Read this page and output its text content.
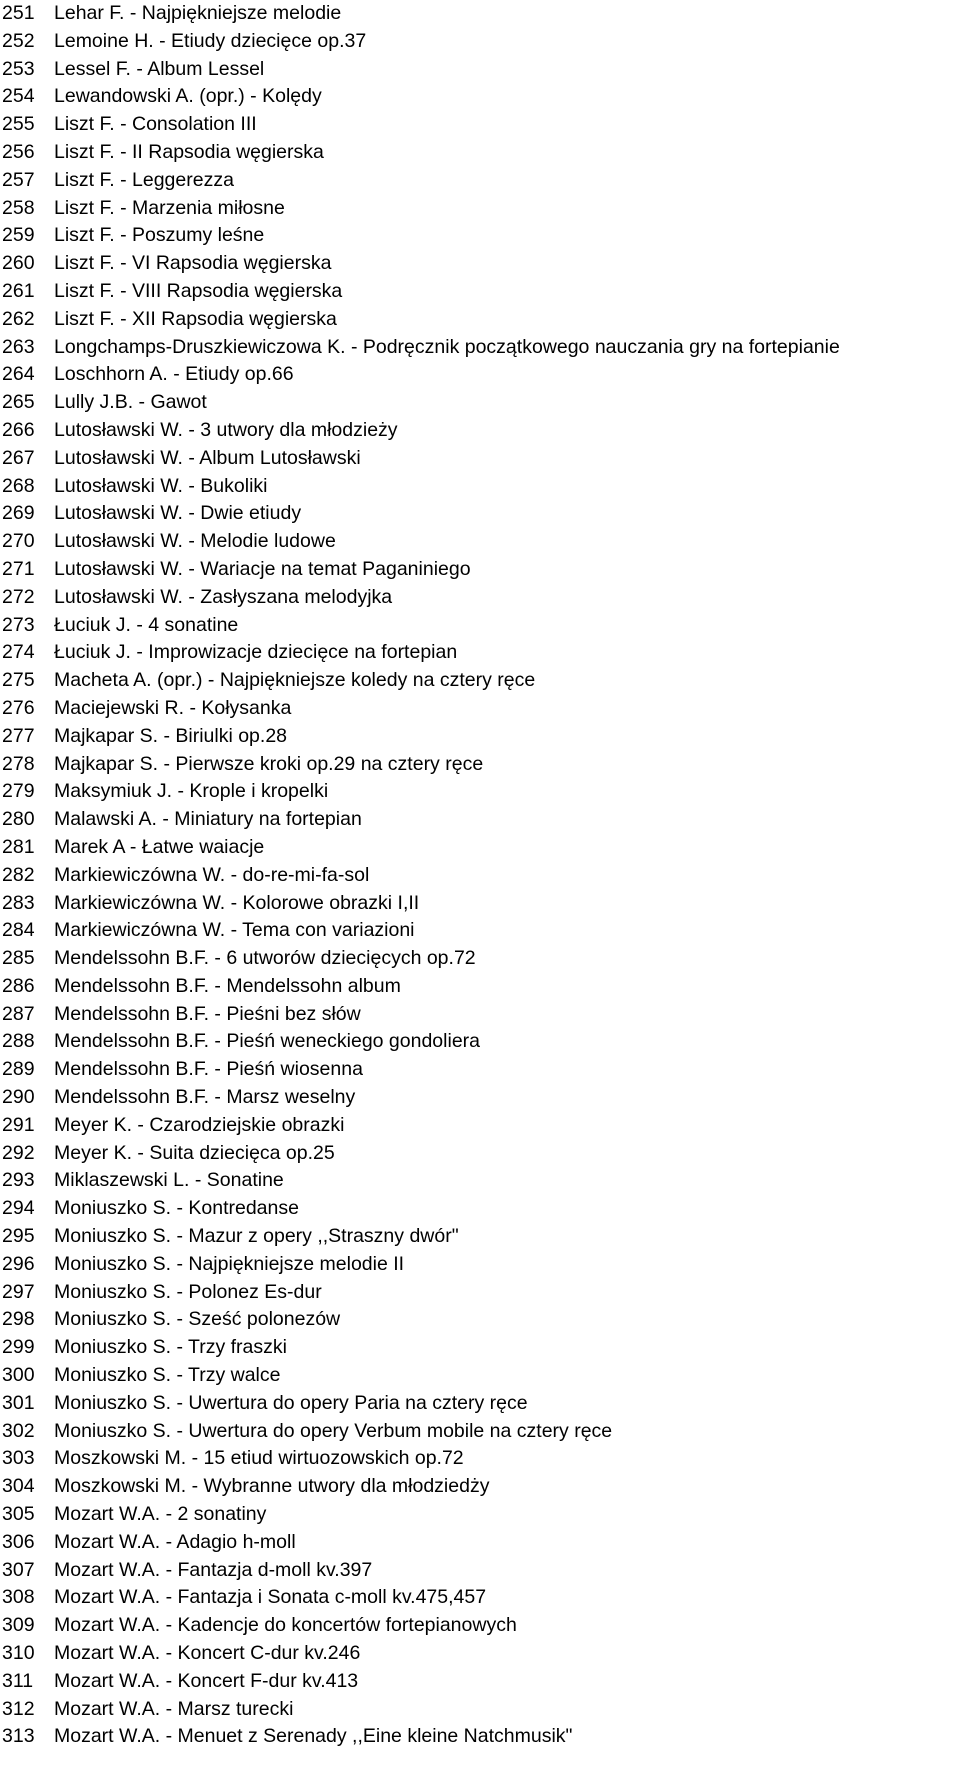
251 Lehar F. - Najpiękniejsze melodie
252 Lemoine H. - Etiudy dziecięce op.37
253 Lessel F. - Album Lessel
254 Lewandowski A. (opr.) - Kolędy
255 Liszt F. - Consolation III
256 Liszt F. - II Rapsodia węgierska
257 Liszt F. - Leggerezza
258 Liszt F. - Marzenia miłosne
259 Liszt F. - Poszumy leśne
260 Liszt F. - VI Rapsodia węgierska
261 Liszt F. - VIII Rapsodia węgierska
262 Liszt F. - XII Rapsodia węgierska
263 Longchamps-Druszkiewiczowa K. - Podręcznik początkowego nauczania gry na fortepianie
264 Loschhorn A. - Etiudy op.66
265 Lully J.B. - Gawot
266 Lutosławski W. - 3 utwory dla młodzieży
267 Lutosławski W. - Album Lutosławski
268 Lutosławski W. - Bukoliki
269 Lutosławski W. - Dwie etiudy
270 Lutosławski W. - Melodie ludowe
271 Lutosławski W. - Wariacje na temat Paganiniego
272 Lutosławski W. - Zasłyszana melodyjka
273 Łuciuk J. - 4 sonatine
274 Łuciuk J. - Improwizacje dziecięce na fortepian
275 Macheta A. (opr.) - Najpiękniejsze koledy na cztery ręce
276 Maciejewski R. - Kołysanka
277 Majkapar S. - Biriulki op.28
278 Majkapar S. - Pierwsze kroki op.29 na cztery ręce
279 Maksymiuk J. - Krople i kropelki
280 Malawski A. - Miniatury na fortepian
281 Marek A - Łatwe waiacje
282 Markiewiczówna W. - do-re-mi-fa-sol
283 Markiewiczówna W. - Kolorowe obrazki I,II
284 Markiewiczówna W. - Tema con variazioni
285 Mendelssohn B.F. - 6 utworów dziecięcych op.72
286 Mendelssohn B.F. - Mendelssohn album
287 Mendelssohn B.F. - Pieśni bez słów
288 Mendelssohn B.F. - Pieśń weneckiego gondoliera
289 Mendelssohn B.F. - Pieśń wiosenna
290 Mendelssohn B.F. - Marsz weselny
291 Meyer K. - Czarodziejskie obrazki
292 Meyer K. - Suita dziecięca op.25
293 Miklaszewski L. - Sonatine
294 Moniuszko S. - Kontredanse
295 Moniuszko S. - Mazur z opery ,,Straszny dwór"
296 Moniuszko S. - Najpiękniejsze melodie II
297 Moniuszko S. - Polonez Es-dur
298 Moniuszko S. - Sześć polonezów
299 Moniuszko S. - Trzy fraszki
300 Moniuszko S. - Trzy walce
301 Moniuszko S. - Uwertura do opery Paria na cztery ręce
302 Moniuszko S. - Uwertura do opery Verbum mobile na cztery ręce
303 Moszkowski M. - 15 etiud wirtuozowskich op.72
304 Moszkowski M. - Wybranne utwory dla młodziedży
305 Mozart W.A. - 2 sonatiny
306 Mozart W.A. - Adagio h-moll
307 Mozart W.A. - Fantazja d-moll kv.397
308 Mozart W.A. - Fantazja i Sonata c-moll kv.475,457
309 Mozart W.A. - Kadencje do koncertów fortepianowych
310 Mozart W.A. - Koncert C-dur kv.246
311	Mozart W.A. - Koncert F-dur kv.413
312 Mozart W.A. - Marsz turecki
313 Mozart W.A. - Menuet z Serenady ,,Eine kleine Natchmusik"
